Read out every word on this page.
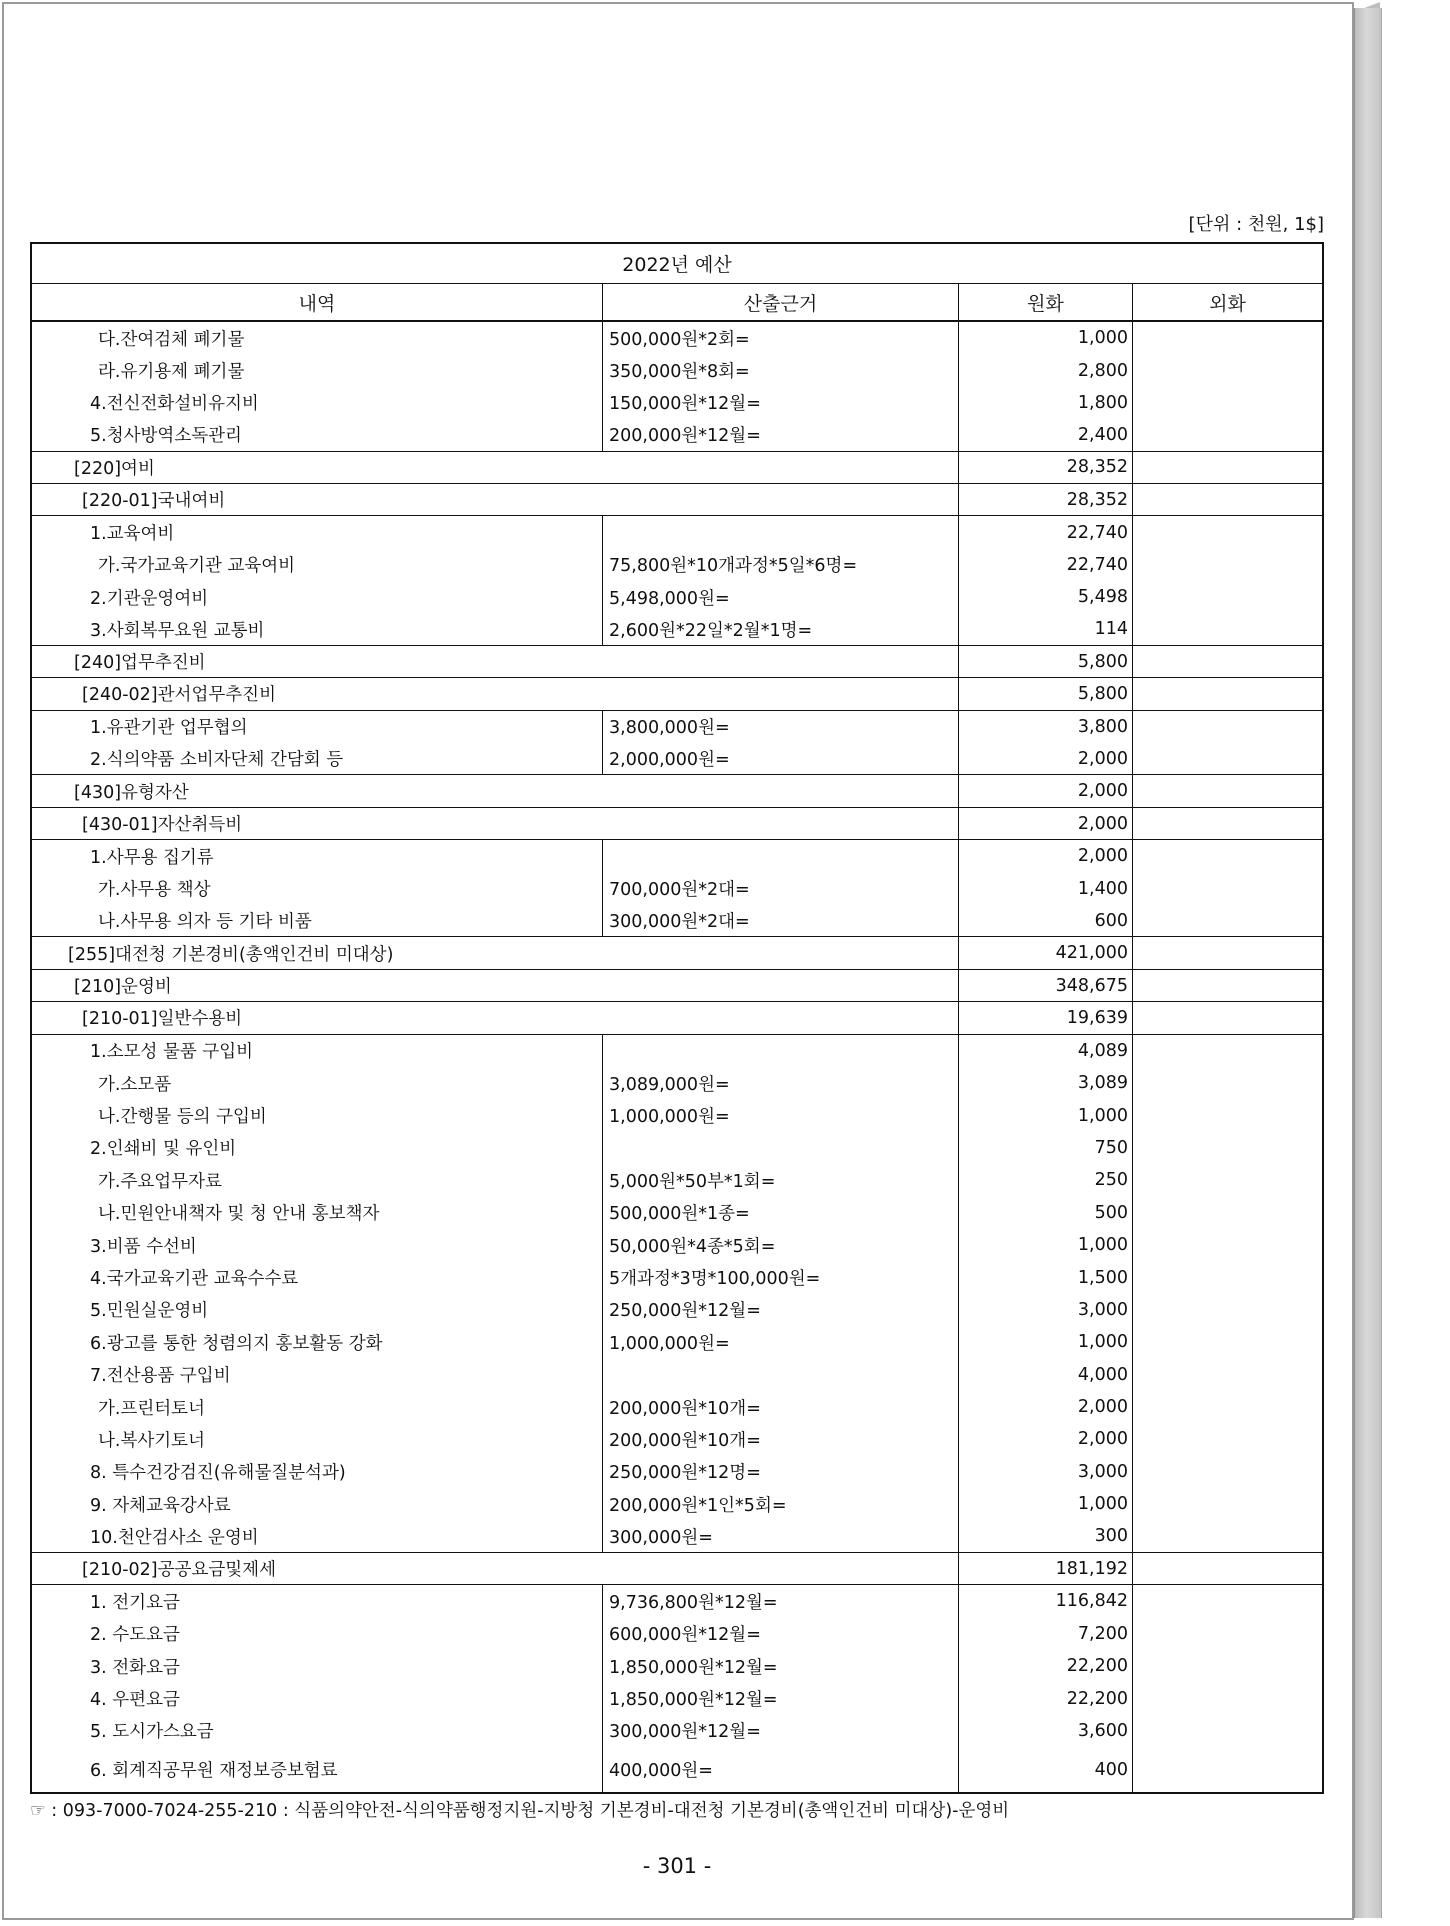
[단위 : 천원, 1$]
2022년 예산
내역	산출근거	원화	외화
다.잔여검체 폐기물	500,000원*2회=	1,000
라.유기용제 폐기물	350,000원*8회=	2,800
4.전신전화설비유지비	150,000원*12월=	1,800
5.청사방역소독관리	200,000원*12월=	2,400
[220]여비	28,352
[220-01]국내여비	28,352
1.교육여비	22,740
가.국가교육기관 교육여비	75,800원*10개과정*5일*6명=	22,740
2.기관운영여비	5,498,000원=	5,498
3.사회복무요원 교통비	2,600원*22일*2월*1명=	114
[240]업무추진비	5,800
[240-02]관서업무추진비	5,800
1.유관기관 업무협의	3,800,000원=	3,800
2.식의약품 소비자단체 간담회 등	2,000,000원=	2,000
[430]유형자산	2,000
[430-01]자산취득비	2,000
1.사무용 집기류	2,000
가.사무용 책상	700,000원*2대=	1,400
나.사무용 의자 등 기타 비품	300,000원*2대=	600
[255]대전청 기본경비(총액인건비 미대상)	421,000
[210]운영비	348,675
[210-01]일반수용비	19,639
1.소모성 물품 구입비	4,089
가.소모품	3,089,000원=	3,089
나.간행물 등의 구입비	1,000,000원=	1,000
2.인쇄비 및 유인비	750
가.주요업무자료	5,000원*50부*1회=	250
나.민원안내책자 및 청 안내 홍보책자	500,000원*1종=	500
3.비품 수선비	50,000원*4종*5회=	1,000
4.국가교육기관 교육수수료	5개과정*3명*100,000원=	1,500
5.민원실운영비	250,000원*12월=	3,000
6.광고를 통한 청렴의지 홍보활동 강화	1,000,000원=	1,000
7.전산용품 구입비	4,000
가.프린터토너	200,000원*10개=	2,000
나.복사기토너	200,000원*10개=	2,000
8. 특수건강검진(유해물질분석과)	250,000원*12명=	3,000
9. 자체교육강사료	200,000원*1인*5회=	1,000
10.천안검사소 운영비	300,000원=	300
[210-02]공공요금및제세	181,192
1. 전기요금	9,736,800원*12월=	116,842
2. 수도요금	600,000원*12월=	7,200
3. 전화요금	1,850,000원*12월=	22,200
4. 우편요금	1,850,000원*12월=	22,200
5. 도시가스요금	300,000원*12월=	3,600
6. 회계직공무원 재정보증보험료	400,000원=	400
☞ : 093-7000-7024-255-210 : 식품의약안전-식의약품행정지원-지방청 기본경비-대전청 기본경비(총액인건비 미대상)-운영비
- 301 -
